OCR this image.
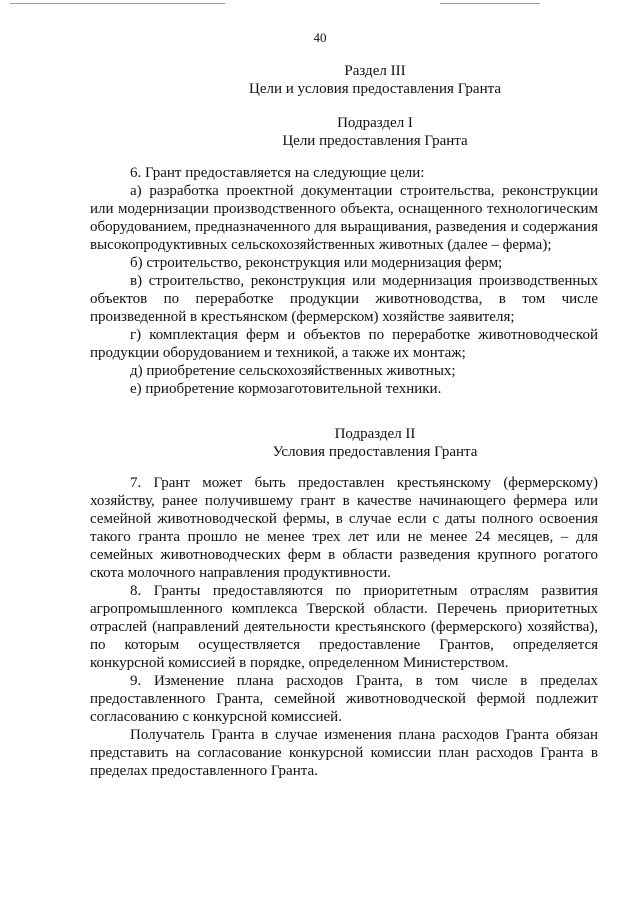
40
Раздел III
Цели и условия предоставления Гранта
Подраздел I
Цели предоставления Гранта

6. Грант предоставляется на следующие цели:

а) разработка проектной документации строительства, реконструкции или модернизации производственного объекта, оснащенного технологическим оборудованием, предназначенного для выращивания, разведения и содержания высокопродуктивных сельскохозяйственных животных (далее – ферма);

б) строительство, реконструкция или модернизация ферм;

в) строительство, реконструкция или модернизация производственных объектов по переработке продукции животноводства, в том числе произведенной в крестьянском (фермерском) хозяйстве заявителя;

г) комплектация ферм и объектов по переработке животноводческой продукции оборудованием и техникой, а также их монтаж;

д) приобретение сельскохозяйственных животных;

е) приобретение кормозаготовительной техники.

Подраздел II
Условия предоставления Гранта

7. Грант может быть предоставлен крестьянскому (фермерскому) хозяйству, ранее получившему грант в качестве начинающего фермера или семейной животноводческой фермы, в случае если с даты полного освоения такого гранта прошло не менее трех лет или не менее 24 месяцев, – для семейных животноводческих ферм в области разведения крупного рогатого скота молочного направления продуктивности.

8. Гранты предоставляются по приоритетным отраслям развития агропромышленного комплекса Тверской области. Перечень приоритетных отраслей (направлений деятельности крестьянского (фермерского) хозяйства), по которым осуществляется предоставление Грантов, определяется конкурсной комиссией в порядке, определенном Министерством.

9. Изменение плана расходов Гранта, в том числе в пределах предоставленного Гранта, семейной животноводческой фермой подлежит согласованию с конкурсной комиссией.

Получатель Гранта в случае изменения плана расходов Гранта обязан представить на согласование конкурсной комиссии план расходов Гранта в пределах предоставленного Гранта.
